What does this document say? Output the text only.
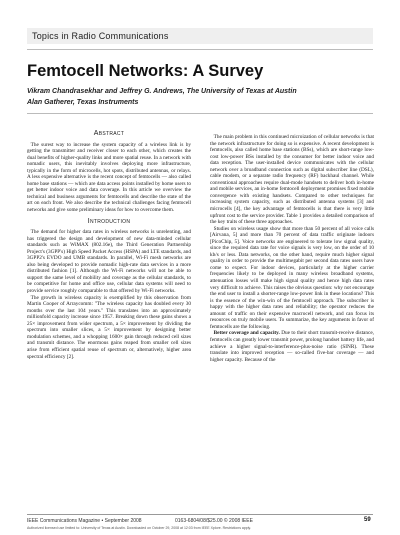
Topics in Radio Communications
Femtocell Networks: A Survey
Vikram Chandrasekhar and Jeffrey G. Andrews, The University of Texas at Austin
Alan Gatherer, Texas Instruments
Abstract

The surest way to increase the system capacity of a wireless link is by getting the transmitter and receiver closer to each other, which creates the dual benefits of higher-quality links and more spatial reuse. In a network with nomadic users, this inevitably involves deploying more infrastructure, typically in the form of microcells, hot spots, distributed antennas, or relays. A less expensive alternative is the recent concept of femtocells — also called home base stations — which are data access points installed by home users to get better indoor voice and data coverage. In this article we overview the technical and business arguments for femtocells and describe the state of the art on each front. We also describe the technical challenges facing femtocell networks and give some preliminary ideas for how to overcome them.

Introduction

The demand for higher data rates in wireless networks is unrelenting, and has triggered the design and development of new data-minded cellular standards such as WiMAX (802.16e), the Third Generation Partnership Project's (3GPP's) High Speed Packet Access (HSPA) and LTE standards, and 3GPP2's EVDO and UMB standards. In parallel, Wi-Fi mesh networks are also being developed to provide nomadic high-rate data services in a more distributed fashion [1]. Although the Wi-Fi networks will not be able to support the same level of mobility and coverage as the cellular standards, to be competitive for home and office use, cellular data systems will need to provide service roughly comparable to that offered by Wi-Fi networks.

The growth in wireless capacity is exemplified by this observation from Martin Cooper of Arraycomm: "The wireless capacity has doubled every 30 months over the last 104 years." This translates into an approximately millionfold capacity increase since 1957. Breaking down these gains shows a 25× improvement from wider spectrum, a 5× improvement by dividing the spectrum into smaller slices, a 5× improvement by designing better modulation schemes, and a whopping 1600× gain through reduced cell sizes and transmit distance. The enormous gains reaped from smaller cell sizes arise from efficient spatial reuse of spectrum or, alternatively, higher area spectral efficiency [2].

The main problem in this continued microization of cellular networks is that the network infrastructure for doing so is expensive. A recent development is femtocells, also called home base stations (BSs), which are short-range low-cost low-power BSs installed by the consumer for better indoor voice and data reception. The user-installed device communicates with the cellular network over a broadband connection such as digital subscriber line (DSL), cable modem, or a separate radio frequency (RF) backhaul channel. While conventional approaches require dual-mode handsets to deliver both in-home and mobile services, an in-home femtocell deployment promises fixed mobile convergence with existing handsets. Compared to other techniques for increasing system capacity, such as distributed antenna systems [3] and microcells [4], the key advantage of femtocells is that there is very little upfront cost to the service provider. Table 1 provides a detailed comparison of the key traits of these three approaches.

Studies on wireless usage show that more than 50 percent of all voice calls [Airvana, 5] and more than 70 percent of data traffic originate indoors [PicoChip, 5]. Voice networks are engineered to tolerate low signal quality, since the required data rate for voice signals is very low, on the order of 10 kb/s or less. Data networks, on the other hand, require much higher signal quality in order to provide the multimegabit per second data rates users have come to expect. For indoor devices, particularly at the higher carrier frequencies likely to be deployed in many wireless broadband systems, attenuation losses will make high signal quality and hence high data rates very difficult to achieve. This raises the obvious question: why not encourage the end user to install a shorter-range low-power link in these locations? This is the essence of the win-win of the femtocell approach. The subscriber is happy with the higher data rates and reliability; the operator reduces the amount of traffic on their expensive macrocell network, and can focus its resources on truly mobile users. To summarize, the key arguments in favor of femtocells are the following.

Better coverage and capacity. Due to their short transmit-receive distance, femtocells can greatly lower transmit power, prolong handset battery life, and achieve a higher signal-to-interference-plus-noise ratio (SINR). These translate into improved reception — so-called five-bar coverage — and higher capacity. Because of the

IEEE Communications Magazine • September 2008	0163-6804/08/$25.00 © 2008 IEEE	59
Authorized licensed use limited to: University of Texas at Austin. Downloaded on October 29, 2008 at 12:03 from IEEE Xplore. Restrictions apply.
